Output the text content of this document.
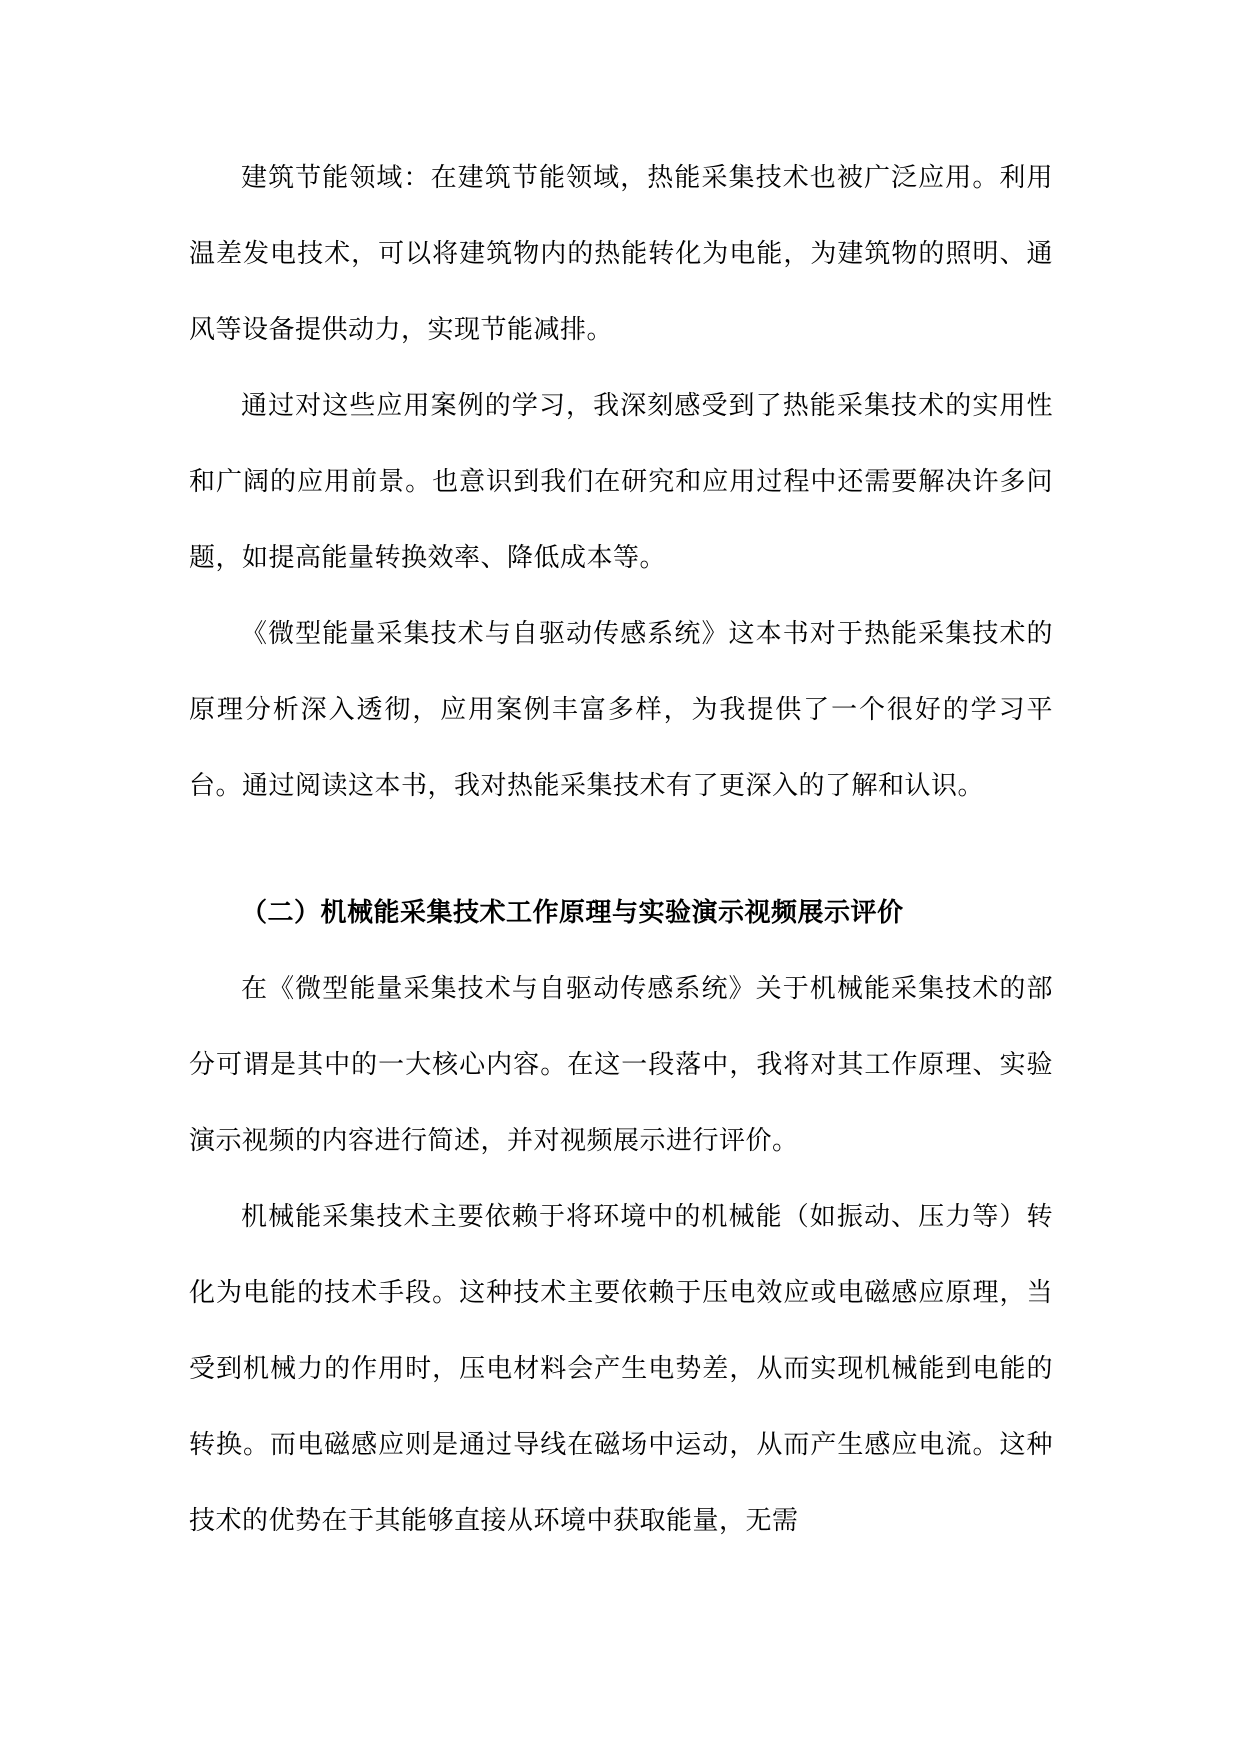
建筑节能领域：在建筑节能领域，热能采集技术也被广泛应用。利用温差发电技术，可以将建筑物内的热能转化为电能，为建筑物的照明、通风等设备提供动力，实现节能减排。

通过对这些应用案例的学习，我深刻感受到了热能采集技术的实用性和广阔的应用前景。也意识到我们在研究和应用过程中还需要解决许多问题，如提高能量转换效率、降低成本等。

《微型能量采集技术与自驱动传感系统》这本书对于热能采集技术的原理分析深入透彻，应用案例丰富多样，为我提供了一个很好的学习平台。通过阅读这本书，我对热能采集技术有了更深入的了解和认识。

（二）机械能采集技术工作原理与实验演示视频展示评价

在《微型能量采集技术与自驱动传感系统》关于机械能采集技术的部分可谓是其中的一大核心内容。在这一段落中，我将对其工作原理、实验演示视频的内容进行简述，并对视频展示进行评价。

机械能采集技术主要依赖于将环境中的机械能（如振动、压力等）转化为电能的技术手段。这种技术主要依赖于压电效应或电磁感应原理，当受到机械力的作用时，压电材料会产生电势差，从而实现机械能到电能的转换。而电磁感应则是通过导线在磁场中运动，从而产生感应电流。这种技术的优势在于其能够直接从环境中获取能量，无需
